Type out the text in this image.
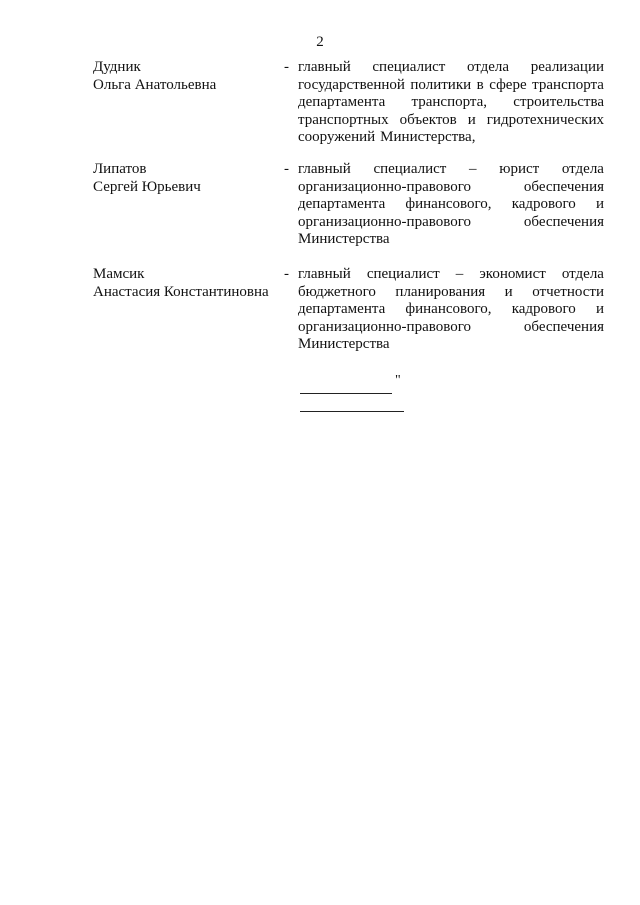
2
Дудник
Ольга Анатольевна
- главный специалист отдела реализации
государственной политики в сфере транспорта
департамента транспорта, строительства
транспортных объектов и гидротехнических
сооружений Министерства,
Липатов
Сергей Юрьевич
- главный специалист – юрист отдела
организационно-правового	обеспечения
департамента финансового, кадрового и
организационно-правового	обеспечения
Министерства
Мамсик
Анастасия Константиновна
- главный специалист – экономист отдела
бюджетного планирования и отчетности
департамента финансового, кадрового и
организационно-правового	обеспечения
Министерства
"
